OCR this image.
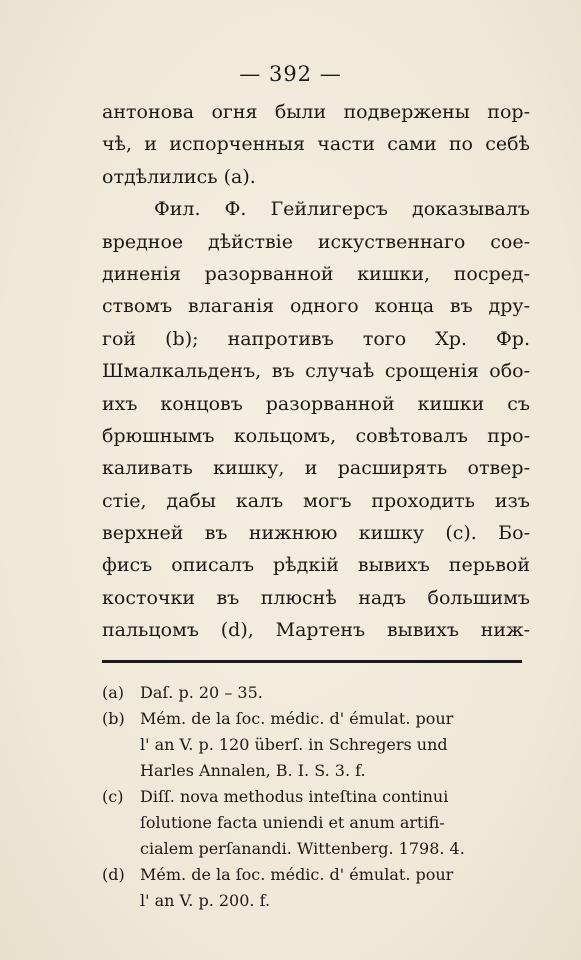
— 392 —
антонова огня были подвержены пор-
чѣ, и испорченныя части сами по себѣ
отдѣлились (a).
Фил. Ф. Гейлигерсъ доказывалъ
вредное дѣйствіе искуственнаго сое-
диненія разорванной кишки, посред-
ствомъ влаганія одного конца въ дру-
гой (b); напротивъ того Хр. Фр.
Шмалкальденъ, въ случаѣ срощенія обо-
ихъ концовъ разорванной кишки съ
брюшнымъ кольцомъ, совѣтовалъ про-
каливать кишку, и расширять отвер-
стіе, дабы калъ могъ проходить изъ
верхней въ нижнюю кишку (c). Бо-
фисъ описалъ рѣдкій вывихъ перьвой
косточки въ плюснѣ надъ большимъ
пальцомъ (d), Мартенъ вывихъ ниж-
(a) Daſ. p. 20 – 35.
(b) Mém. de la ſoc. médic. d' émulat. pour
l' an V. p. 120 überſ. in Schregers und
Harles Annalen, B. I. S. 3. f.
(c) Diſſ. nova methodus inteſtina continui
ſolutione facta uniendi et anum artifi-
cialem perſanandi. Wittenberg. 1798. 4.
(d) Mém. de la ſoc. médic. d' émulat. pour
l' an V. p. 200. f.
